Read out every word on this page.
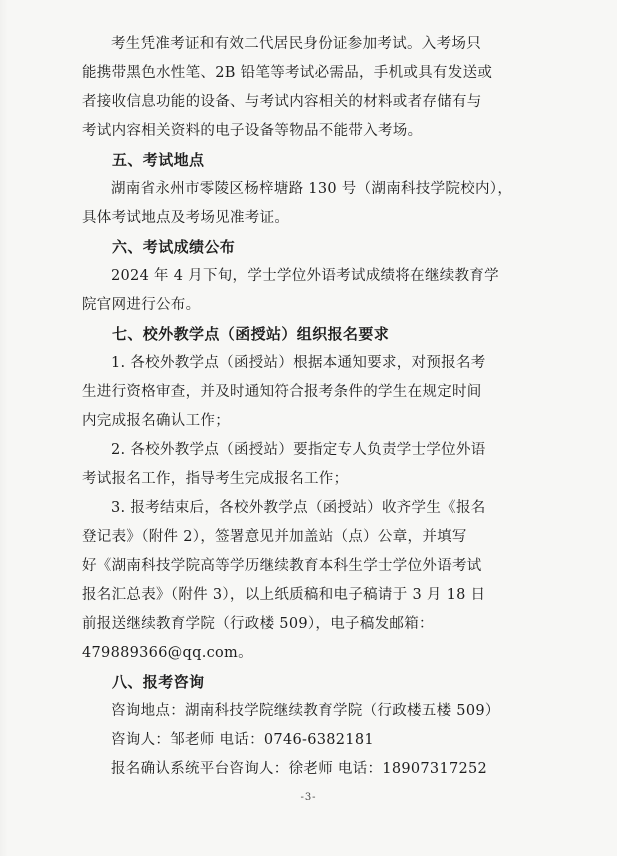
考生凭准考证和有效二代居民身份证参加考试。入考场只
能携带黑色水性笔、2B 铅笔等考试必需品，手机或具有发送或
者接收信息功能的设备、与考试内容相关的材料或者存储有与
考试内容相关资料的电子设备等物品不能带入考场。

五、考试地点

湖南省永州市零陵区杨梓塘路 130 号（湖南科技学院校内），
具体考试地点及考场见准考证。

六、考试成绩公布

2024 年 4 月下旬，学士学位外语考试成绩将在继续教育学
院官网进行公布。

七、校外教学点（函授站）组织报名要求

1. 各校外教学点（函授站）根据本通知要求，对预报名考
生进行资格审查，并及时通知符合报考条件的学生在规定时间
内完成报名确认工作；

2. 各校外教学点（函授站）要指定专人负责学士学位外语
考试报名工作，指导考生完成报名工作；

3. 报考结束后，各校外教学点（函授站）收齐学生《报名
登记表》（附件 2），签署意见并加盖站（点）公章，并填写
好《湖南科技学院高等学历继续教育本科生学士学位外语考试
报名汇总表》（附件 3），以上纸质稿和电子稿请于 3 月 18 日
前报送继续教育学院（行政楼 509），电子稿发邮箱：
479889366@qq.com。

八、报考咨询

咨询地点：湖南科技学院继续教育学院（行政楼五楼 509）

咨询人：邹老师 电话：0746-6382181

报名确认系统平台咨询人：徐老师 电话：18907317252

-3-
